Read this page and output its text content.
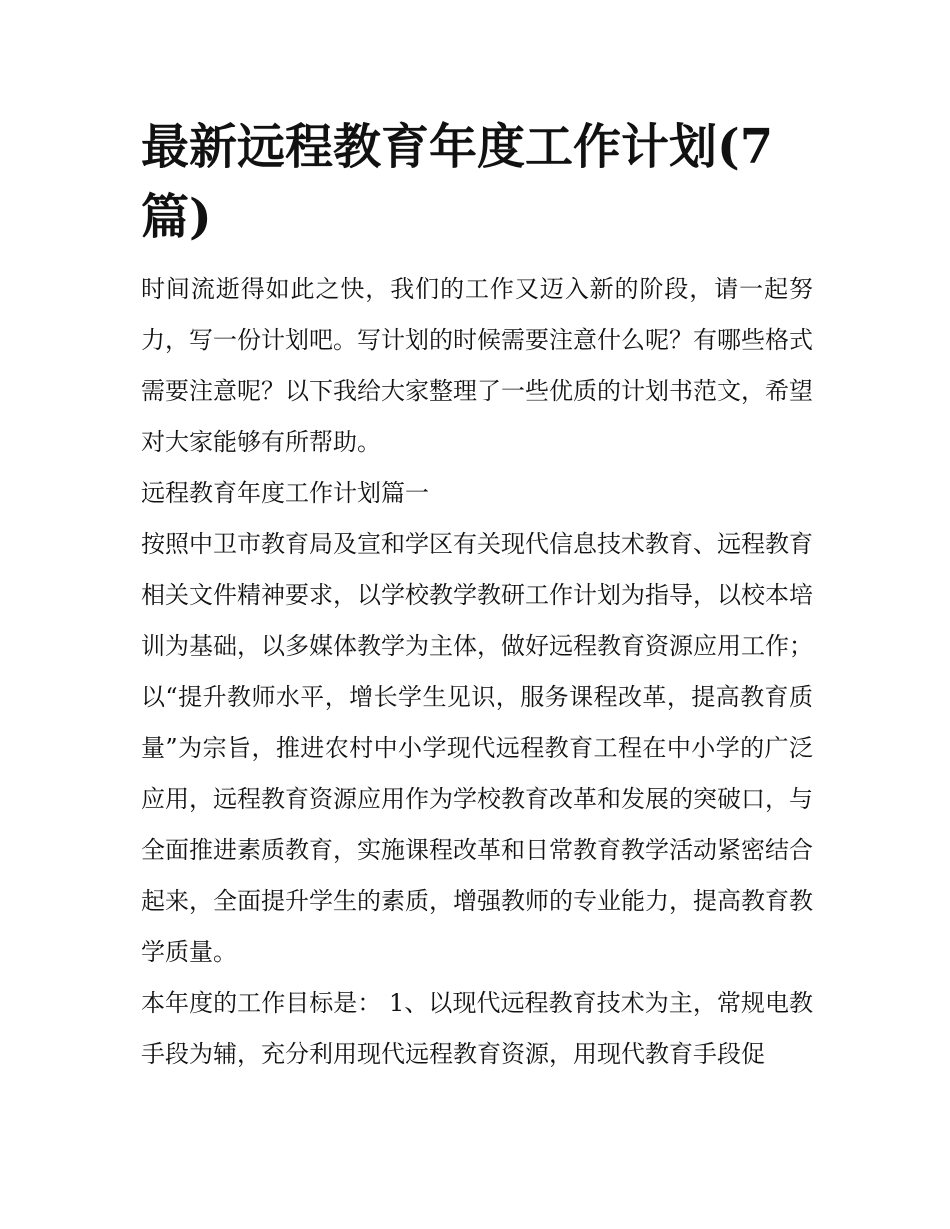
最新远程教育年度工作计划(7篇)

时间流逝得如此之快，我们的工作又迈入新的阶段，请一起努力，写一份计划吧。写计划的时候需要注意什么呢？有哪些格式需要注意呢？以下我给大家整理了一些优质的计划书范文，希望对大家能够有所帮助。

远程教育年度工作计划篇一

按照中卫市教育局及宣和学区有关现代信息技术教育、远程教育相关文件精神要求，以学校教学教研工作计划为指导，以校本培训为基础，以多媒体教学为主体，做好远程教育资源应用工作；以“提升教师水平，增长学生见识，服务课程改革，提高教育质量”为宗旨，推进农村中小学现代远程教育工程在中小学的广泛应用，远程教育资源应用作为学校教育改革和发展的突破口，与全面推进素质教育，实施课程改革和日常教育教学活动紧密结合起来，全面提升学生的素质，增强教师的专业能力，提高教育教学质量。

本年度的工作目标是： 1、以现代远程教育技术为主，常规电教手段为辅，充分利用现代远程教育资源，用现代教育手段促
